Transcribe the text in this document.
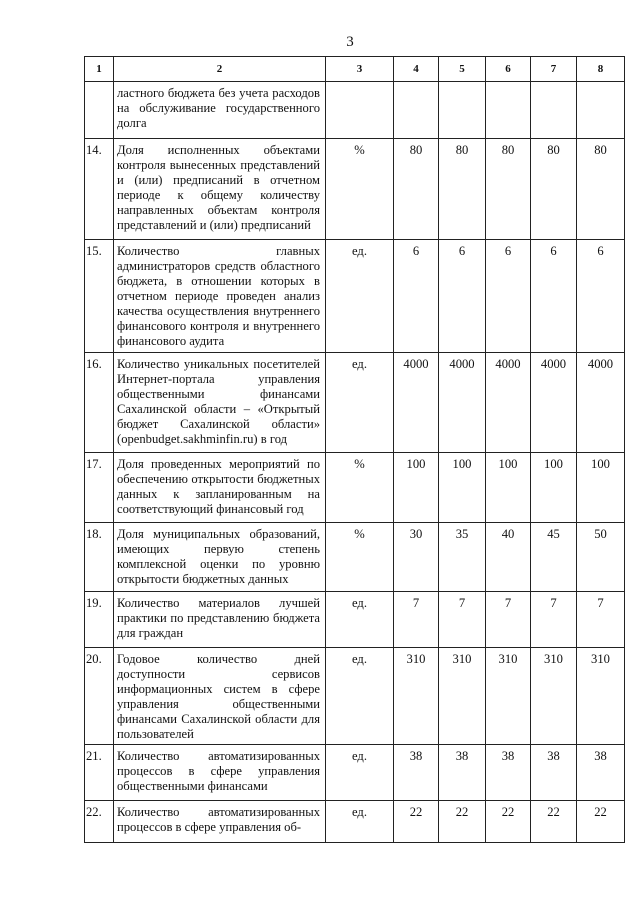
3
1	2	3	4	5	6	7	8
	ластного бюджета без учета расходов на обслуживание государственного долга						
14.	Доля исполненных объектами контроля вынесенных представлений и (или) предписаний в отчетном периоде к общему количеству направленных объектам контроля представлений и (или) предписаний	%	80	80	80	80	80
15.	Количество главных администраторов средств областного бюджета, в отношении которых в отчетном периоде проведен анализ качества осуществления внутреннего финансового контроля и внутреннего финансового аудита	ед.	6	6	6	6	6
16.	Количество уникальных посетителей Интернет-портала управления общественными финансами Сахалинской области – «Открытый бюджет Сахалинской области» (openbudget.sakhminfin.ru) в год	ед.	4000	4000	4000	4000	4000
17.	Доля проведенных мероприятий по обеспечению открытости бюджетных данных к запланированным на соответствующий финансовый год	%	100	100	100	100	100
18.	Доля муниципальных образований, имеющих первую степень комплексной оценки по уровню открытости бюджетных данных	%	30	35	40	45	50
19.	Количество материалов лучшей практики по представлению бюджета для граждан	ед.	7	7	7	7	7
20.	Годовое количество дней доступности сервисов информационных систем в сфере управления общественными финансами Сахалинской области для пользователей	ед.	310	310	310	310	310
21.	Количество автоматизированных процессов в сфере управления общественными финансами	ед.	38	38	38	38	38
22.	Количество автоматизированных процессов в сфере управления об-	ед.	22	22	22	22	22
